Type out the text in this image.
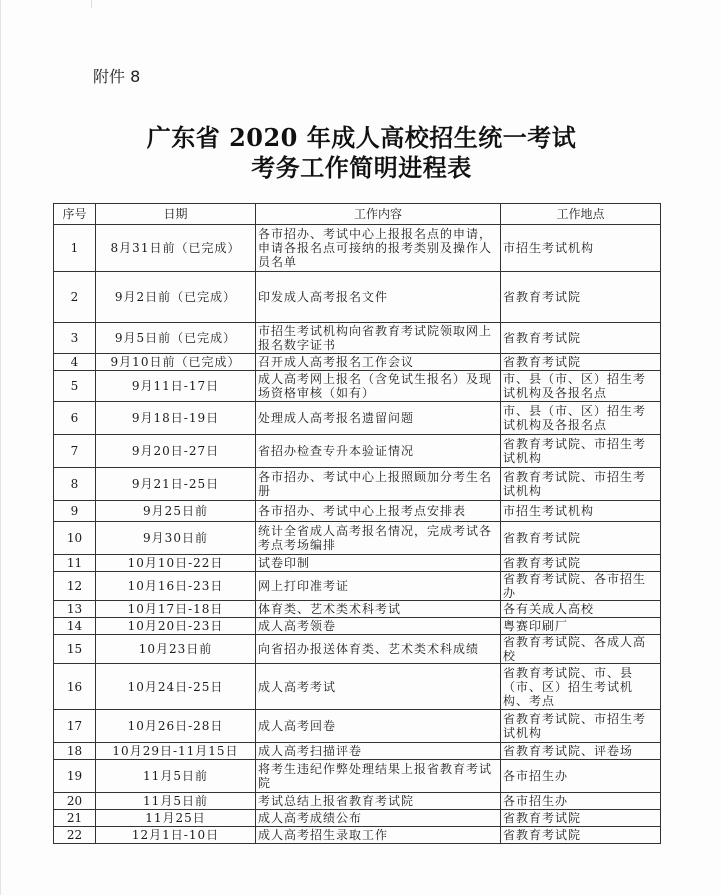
附件 8
广东省 2020 年成人高校招生统一考试
考务工作简明进程表
序号	日期	工作内容	工作地点
1	8月31日前（已完成）	各市招办、考试中心上报报名点的申请，申请各报名点可接纳的报考类别及操作人员名单	市招生考试机构
2	9月2日前（已完成）	印发成人高考报名文件	省教育考试院
3	9月5日前（已完成）	市招生考试机构向省教育考试院领取网上报名数字证书	省教育考试院
4	9月10日前（已完成）	召开成人高考报名工作会议	省教育考试院
5	9月11日-17日	成人高考网上报名（含免试生报名）及现场资格审核（如有）	市、县（市、区）招生考试机构及各报名点
6	9月18日-19日	处理成人高考报名遗留问题	市、县（市、区）招生考试机构及各报名点
7	9月20日-27日	省招办检查专升本验证情况	省教育考试院、市招生考试机构
8	9月21日-25日	各市招办、考试中心上报照顾加分考生名册	省教育考试院、市招生考试机构
9	9月25日前	各市招办、考试中心上报考点安排表	市招生考试机构
10	9月30日前	统计全省成人高考报名情况，完成考试各考点考场编排	省教育考试院
11	10月10日-22日	试卷印制	省教育考试院
12	10月16日-23日	网上打印准考证	省教育考试院、各市招生办
13	10月17日-18日	体育类、艺术类术科考试	各有关成人高校
14	10月20日-23日	成人高考领卷	粤赛印刷厂
15	10月23日前	向省招办报送体育类、艺术类术科成绩	省教育考试院、各成人高校
16	10月24日-25日	成人高考考试	省教育考试院、市、县（市、区）招生考试机构、考点
17	10月26日-28日	成人高考回卷	省教育考试院、市招生考试机构
18	10月29日-11月15日	成人高考扫描评卷	省教育考试院、评卷场
19	11月5日前	将考生违纪作弊处理结果上报省教育考试院	各市招生办
20	11月5日前	考试总结上报省教育考试院	各市招生办
21	11月25日	成人高考成绩公布	省教育考试院
22	12月1日-10日	成人高考招生录取工作	省教育考试院
